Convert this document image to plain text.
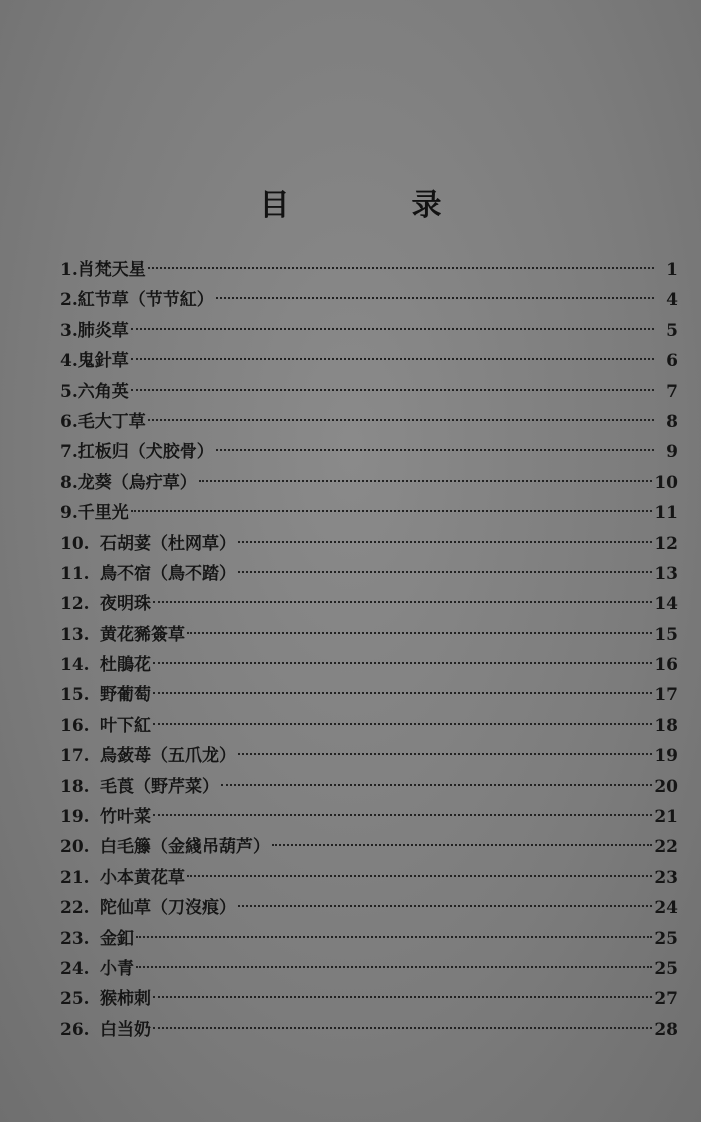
目　录
1. 肖梵天星	1
2. 紅节草（节节紅）	4
3. 肺炎草	5
4. 鬼針草	6
5. 六角英	7
6. 毛大丁草	8
7. 扛板归（犬胶骨）	9
8. 龙葵（烏疔草）	10
9. 千里光	11
10. 石胡荽（杜网草）	12
11. 鳥不宿（鳥不踏）	13
12. 夜明珠	14
13. 黄花豨簽草	15
14. 杜鵑花	16
15. 野葡萄	17
16. 叶下紅	18
17. 烏蔹苺（五爪龙）	19
18. 毛莨（野芹菜）	20
19. 竹叶菜	21
20. 白毛籐（金綫吊葫芦）	22
21. 小本黄花草	23
22. 陀仙草（刀沒痕）	24
23. 金釦	25
24. 小青	25
25. 猴柿刺	27
26. 白当奶	28
